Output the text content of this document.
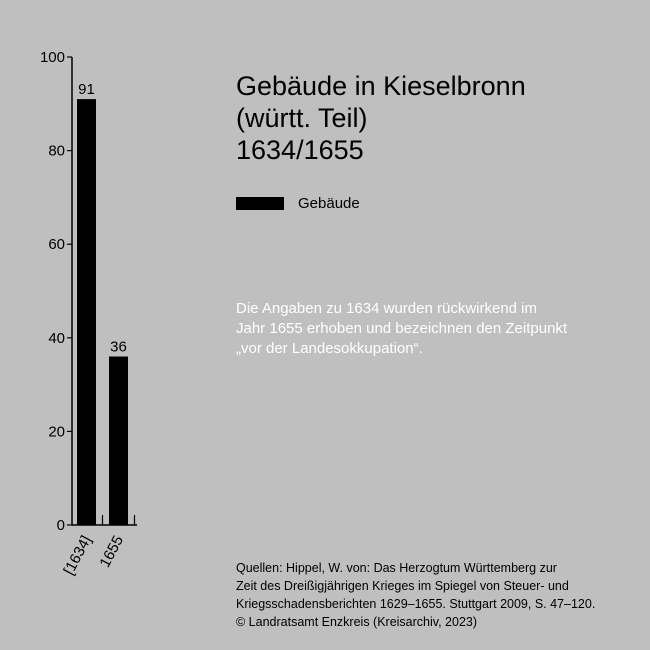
0
20
40
60
80
100
91
[1634]
36
1655
Gebäude in Kieselbronn
(württ. Teil)
1634/1655
Gebäude
Die Angaben zu 1634 wurden rückwirkend im
Jahr 1655 erhoben und bezeichnen den Zeitpunkt
„vor der Landesokkupation“.
Quellen: Hippel, W. von: Das Herzogtum Württemberg zur
Zeit des Dreißigjährigen Krieges im Spiegel von Steuer- und
Kriegsschadensberichten 1629–1655. Stuttgart 2009, S. 47–120.
© Landratsamt Enzkreis (Kreisarchiv, 2023)
